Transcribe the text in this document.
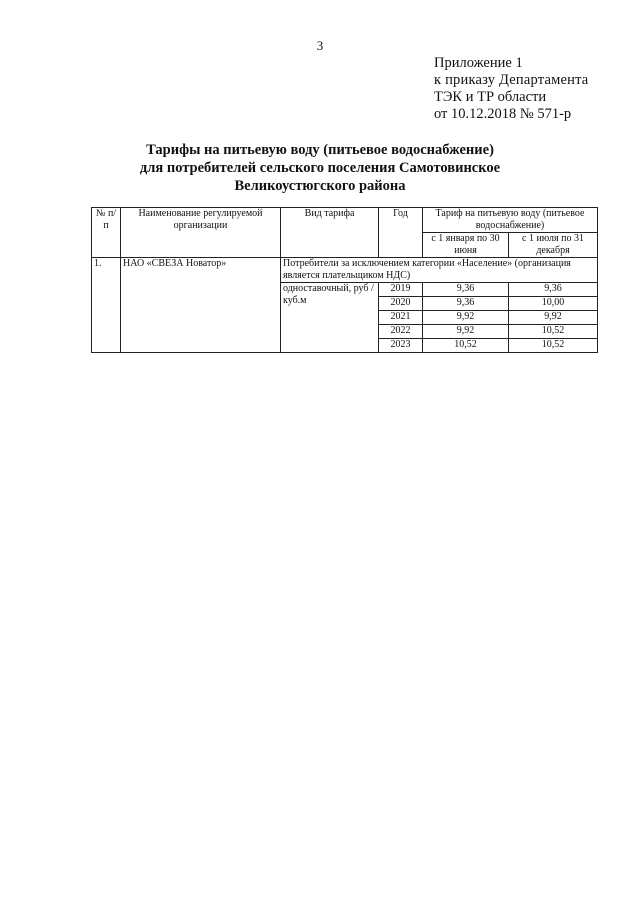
3
Приложение 1
к приказу Департамента
ТЭК и ТР области
от 10.12.2018 № 571-р
Тарифы на питьевую воду (питьевое водоснабжение)
для потребителей сельского поселения Самотовинское
Великоустюгского района
№ п/п	Наименование регулируемой организации	Вид тарифа	Год	Тариф на питьевую воду (питьевое водоснабжение)	
				с 1 января по 30 июня	с 1 июля по 31 декабря
1.	НАО «СВЕЗА Новатор»	Потребители за исключением категории «Население» (организация является плательщиком НДС)			
		одноставочный, руб /куб.м	2019	9,36	9,36
			2020	9,36	10,00
			2021	9,92	9,92
			2022	9,92	10,52
			2023	10,52	10,52
